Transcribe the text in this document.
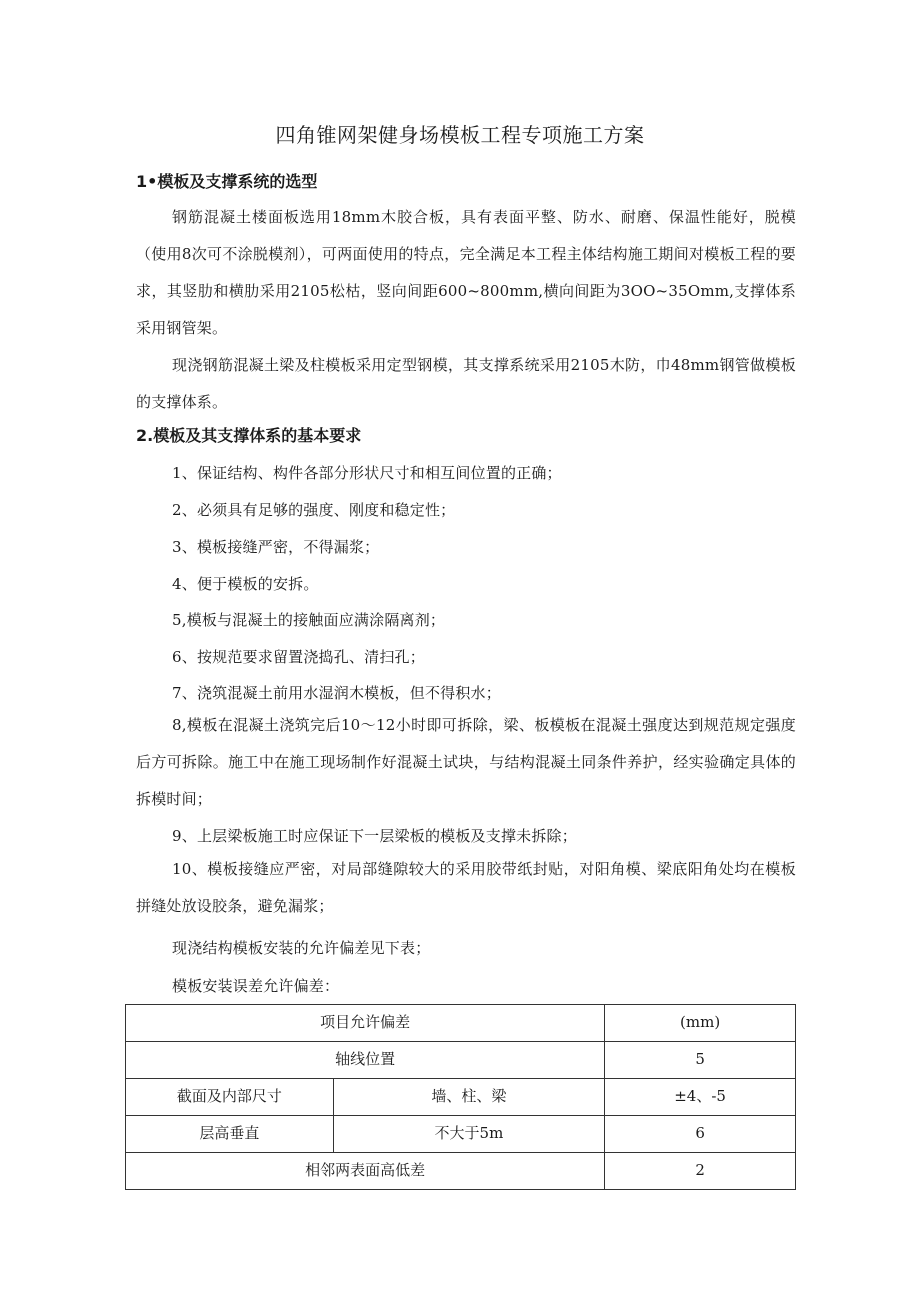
四角锥网架健身场模板工程专项施工方案
1•模板及支撑系统的选型

钢筋混凝土楼面板选用18mm木胶合板，具有表面平整、防水、耐磨、保温性能好，脱模（使用8次可不涂脱模剂），可两面使用的特点，完全满足本工程主体结构施工期间对模板工程的要求，其竖肋和横肋采用2105松枯，竖向间距600~800mm,横向间距为3OO~35Omm,支撑体系采用钢管架。

现浇钢筋混凝土梁及柱模板采用定型钢模，其支撑系统采用2105木防，巾48mm钢管做模板的支撑体系。

2.模板及其支撑体系的基本要求

1、保证结构、构件各部分形状尺寸和相互间位置的正确；

2、必须具有足够的强度、刚度和稳定性；

3、模板接缝严密，不得漏浆；

4、便于模板的安拆。

5,模板与混凝土的接触面应满涂隔离剂；

6、按规范要求留置浇捣孔、清扫孔；

7、浇筑混凝土前用水湿润木模板，但不得积水；

8,模板在混凝土浇筑完后10～12小时即可拆除，梁、板模板在混凝土强度达到规范规定强度后方可拆除。施工中在施工现场制作好混凝土试块，与结构混凝土同条件养护，经实验确定具体的拆模时间；

9、上层梁板施工时应保证下一层梁板的模板及支撑未拆除；

10、模板接缝应严密，对局部缝隙较大的采用胶带纸封贴，对阳角模、梁底阳角处均在模板拼缝处放设胶条，避免漏浆；

现浇结构模板安装的允许偏差见下表；

模板安装误差允许偏差：

项目允许偏差		(mm)
轴线位置		5
截面及内部尺寸	墙、柱、梁	±4、-5
层高垂直	不大于5m	6
相邻两表面高低差		2
